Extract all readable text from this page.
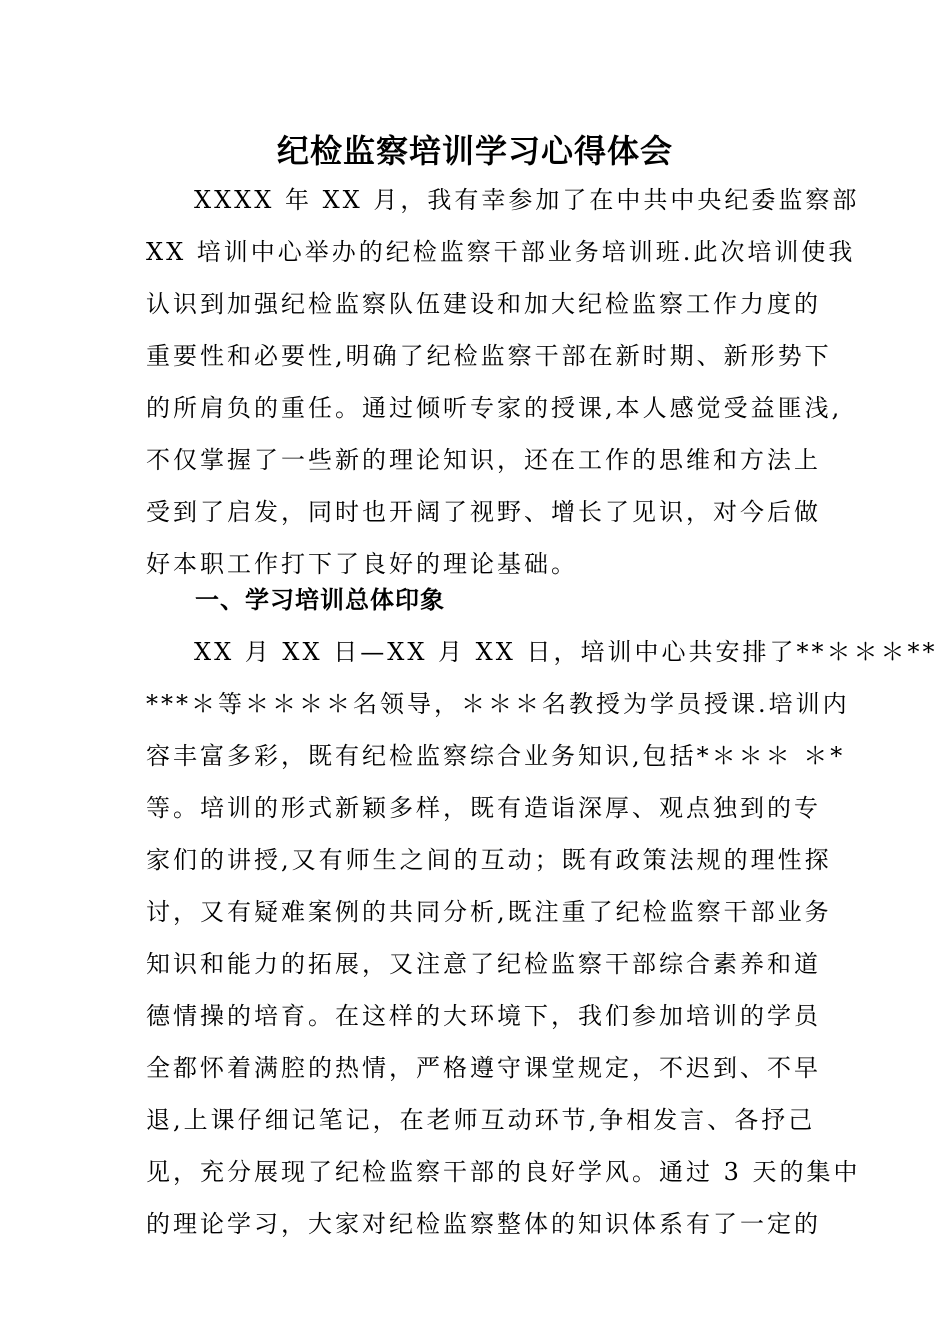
纪检监察培训学习心得体会
XXXX 年 XX 月，我有幸参加了在中共中央纪委监察部
XX 培训中心举办的纪检监察干部业务培训班.此次培训使我
认识到加强纪检监察队伍建设和加大纪检监察工作力度的
重要性和必要性,明确了纪检监察干部在新时期、新形势下
的所肩负的重任。通过倾听专家的授课,本人感觉受益匪浅,
不仅掌握了一些新的理论知识，还在工作的思维和方法上
受到了启发，同时也开阔了视野、增长了见识，对今后做
好本职工作打下了良好的理论基础。
一、学习培训总体印象
XX 月 XX 日—XX 月 XX 日，培训中心共安排了**＊＊＊**
***＊等＊＊＊＊名领导，＊＊＊名教授为学员授课.培训内
容丰富多彩，既有纪检监察综合业务知识,包括*＊＊＊ ＊*
等。培训的形式新颖多样，既有造诣深厚、观点独到的专
家们的讲授,又有师生之间的互动；既有政策法规的理性探
讨，又有疑难案例的共同分析,既注重了纪检监察干部业务
知识和能力的拓展，又注意了纪检监察干部综合素养和道
德情操的培育。在这样的大环境下，我们参加培训的学员
全都怀着满腔的热情，严格遵守课堂规定，不迟到、不早
退,上课仔细记笔记，在老师互动环节,争相发言、各抒己
见，充分展现了纪检监察干部的良好学风。通过 3 天的集中
的理论学习，大家对纪检监察整体的知识体系有了一定的
